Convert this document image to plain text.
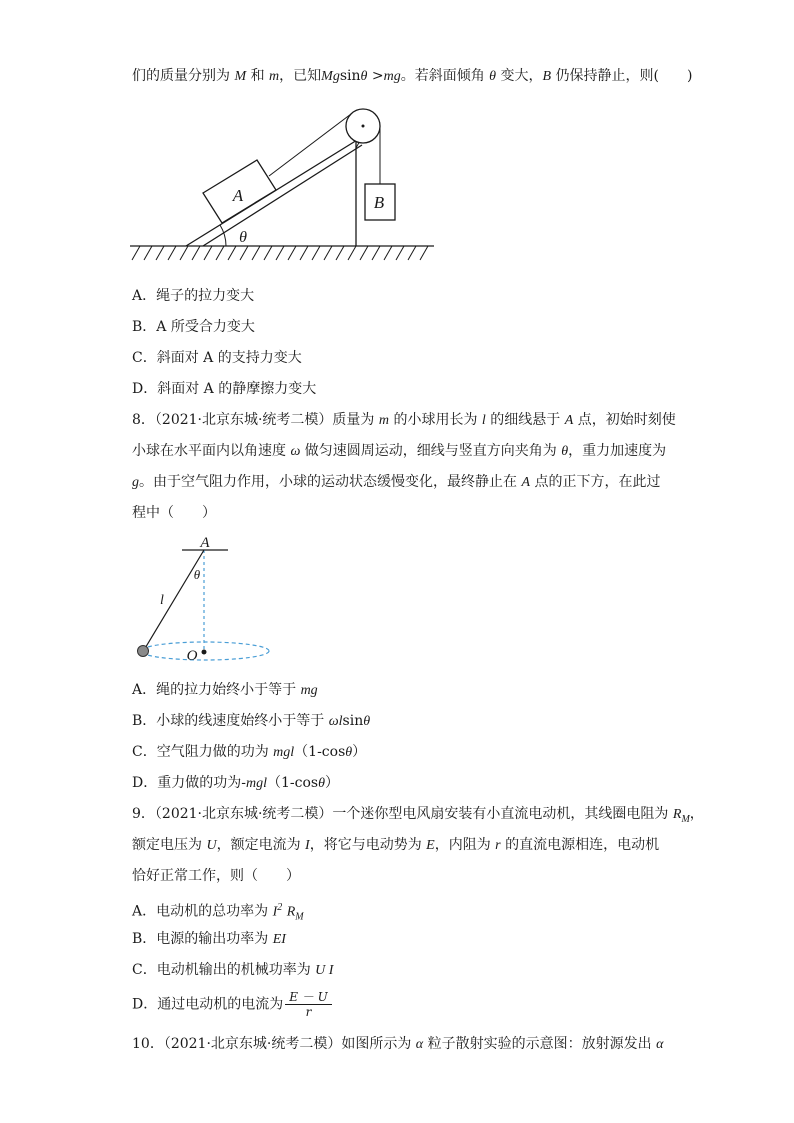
们的质量分别为 M 和 m，已知Mgsinθ >mg。若斜面倾角 θ 变大，B 仍保持静止，则(　　)
A	B
θ
A．绳子的拉力变大
B．A 所受合力变大
C．斜面对 A 的支持力变大
D．斜面对 A 的静摩擦力变大
8．（2021·北京东城·统考二模）质量为 m 的小球用长为 l 的细线悬于 A 点，初始时刻使
小球在水平面内以角速度 ω 做匀速圆周运动，细线与竖直方向夹角为 θ，重力加速度为
g。由于空气阻力作用，小球的运动状态缓慢变化，最终静止在 A 点的正下方，在此过
程中（　　）
A
θ
l
O
A．绳的拉力始终小于等于 mg
B．小球的线速度始终小于等于 ωlsinθ
C．空气阻力做的功为 mgl（1-cosθ）
D．重力做的功为-mgl（1-cosθ）
9．（2021·北京东城·统考二模）一个迷你型电风扇安装有小直流电动机，其线圈电阻为 $R_M$，
额定电压为 U，额定电流为 I，将它与电动势为 E，内阻为 r 的直流电源相连，电动机
恰好正常工作，则（　　）
A．电动机的总功率为 $I^2$ $R_M$
B．电源的输出功率为 EI
C．电动机输出的机械功率为 U I
D．通过电动机的电流为 $\frac{E - U}{r}$
10．（2021·北京东城·统考二模）如图所示为 α 粒子散射实验的示意图：放射源发出 α
